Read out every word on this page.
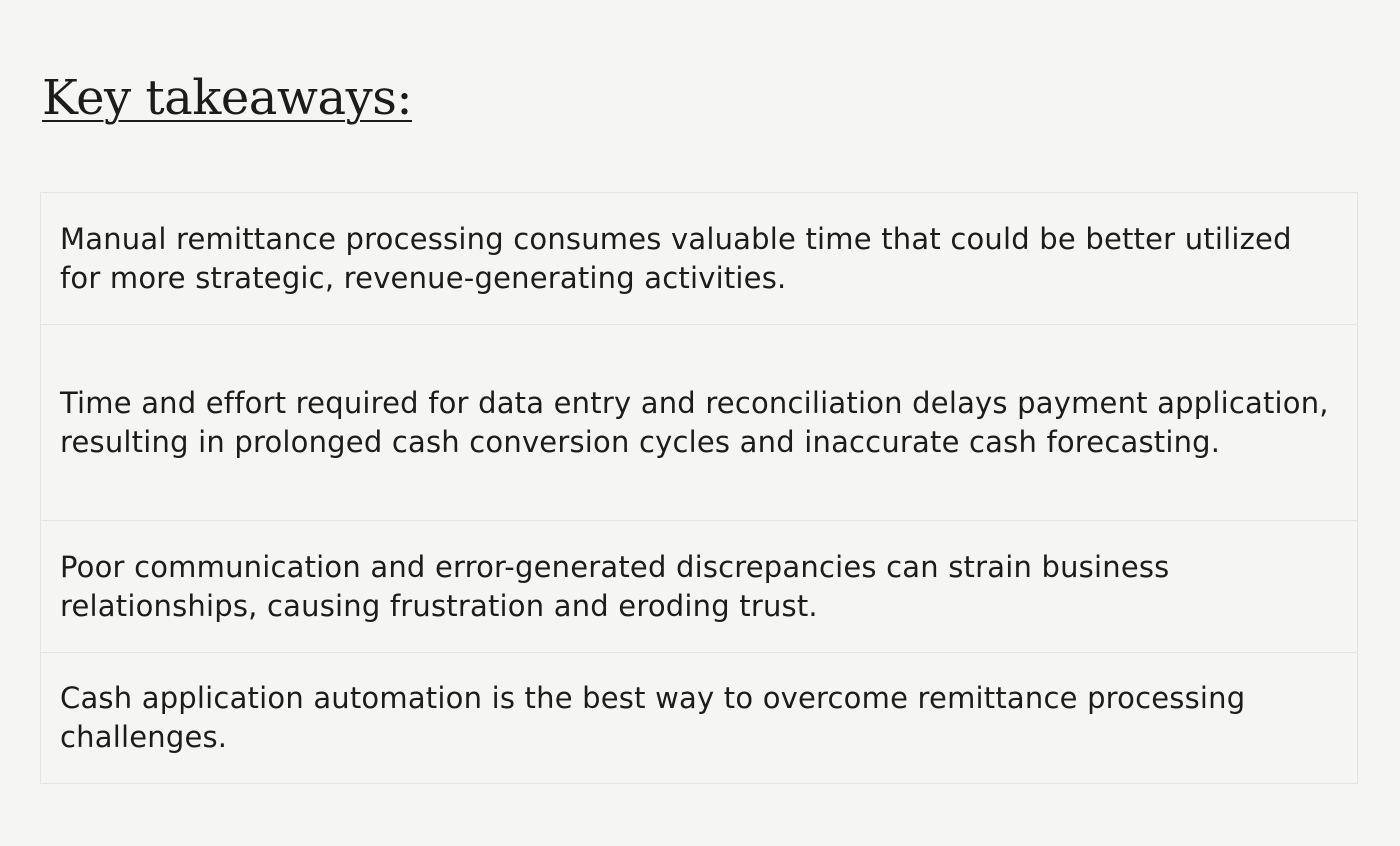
Key takeaways:
Manual remittance processing consumes valuable time that could be better utilized for more strategic, revenue-generating activities.
Time and effort required for data entry and reconciliation delays payment application, resulting in prolonged cash conversion cycles and inaccurate cash forecasting.
Poor communication and error-generated discrepancies can strain business relationships, causing frustration and eroding trust.
Cash application automation is the best way to overcome remittance processing challenges.
